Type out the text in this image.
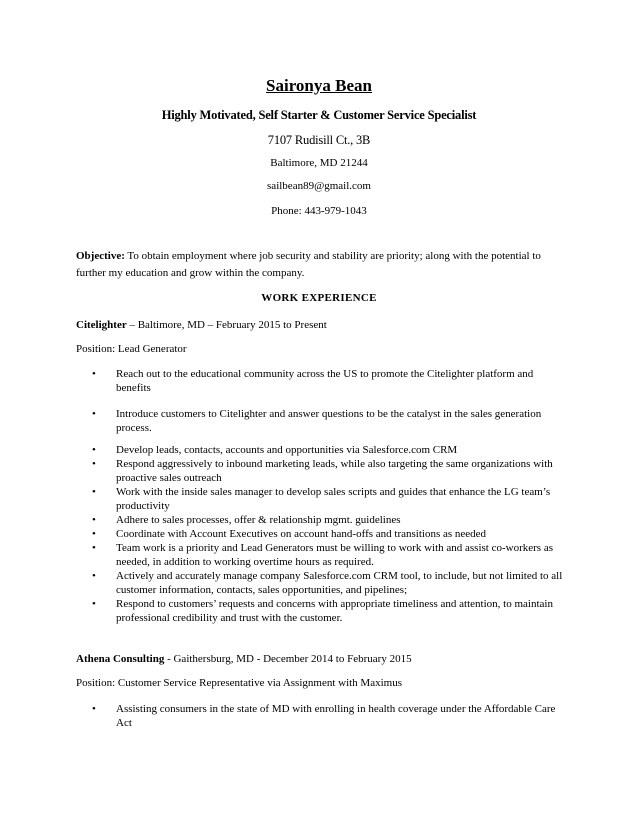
Saironya Bean
Highly Motivated, Self Starter & Customer Service Specialist
7107 Rudisill Ct., 3B
Baltimore, MD 21244
sailbean89@gmail.com
Phone: 443-979-1043
Objective: To obtain employment where job security and stability are priority; along with the potential to further my education and grow within the company.
WORK EXPERIENCE
Citelighter – Baltimore, MD – February 2015 to Present
Position: Lead Generator
• Reach out to the educational community across the US to promote the Citelighter platform and benefits
• Introduce customers to Citelighter and answer questions to be the catalyst in the sales generation process.
• Develop leads, contacts, accounts and opportunities via Salesforce.com CRM
• Respond aggressively to inbound marketing leads, while also targeting the same organizations with proactive sales outreach
• Work with the inside sales manager to develop sales scripts and guides that enhance the LG team’s productivity
• Adhere to sales processes, offer & relationship mgmt. guidelines
• Coordinate with Account Executives on account hand-offs and transitions as needed
• Team work is a priority and Lead Generators must be willing to work with and assist co-workers as needed, in addition to working overtime hours as required.
• Actively and accurately manage company Salesforce.com CRM tool, to include, but not limited to all customer information, contacts, sales opportunities, and pipelines;
• Respond to customers’ requests and concerns with appropriate timeliness and attention, to maintain professional credibility and trust with the customer.
Athena Consulting - Gaithersburg, MD - December 2014 to February 2015
Position: Customer Service Representative via Assignment with Maximus
• Assisting consumers in the state of MD with enrolling in health coverage under the Affordable Care Act
